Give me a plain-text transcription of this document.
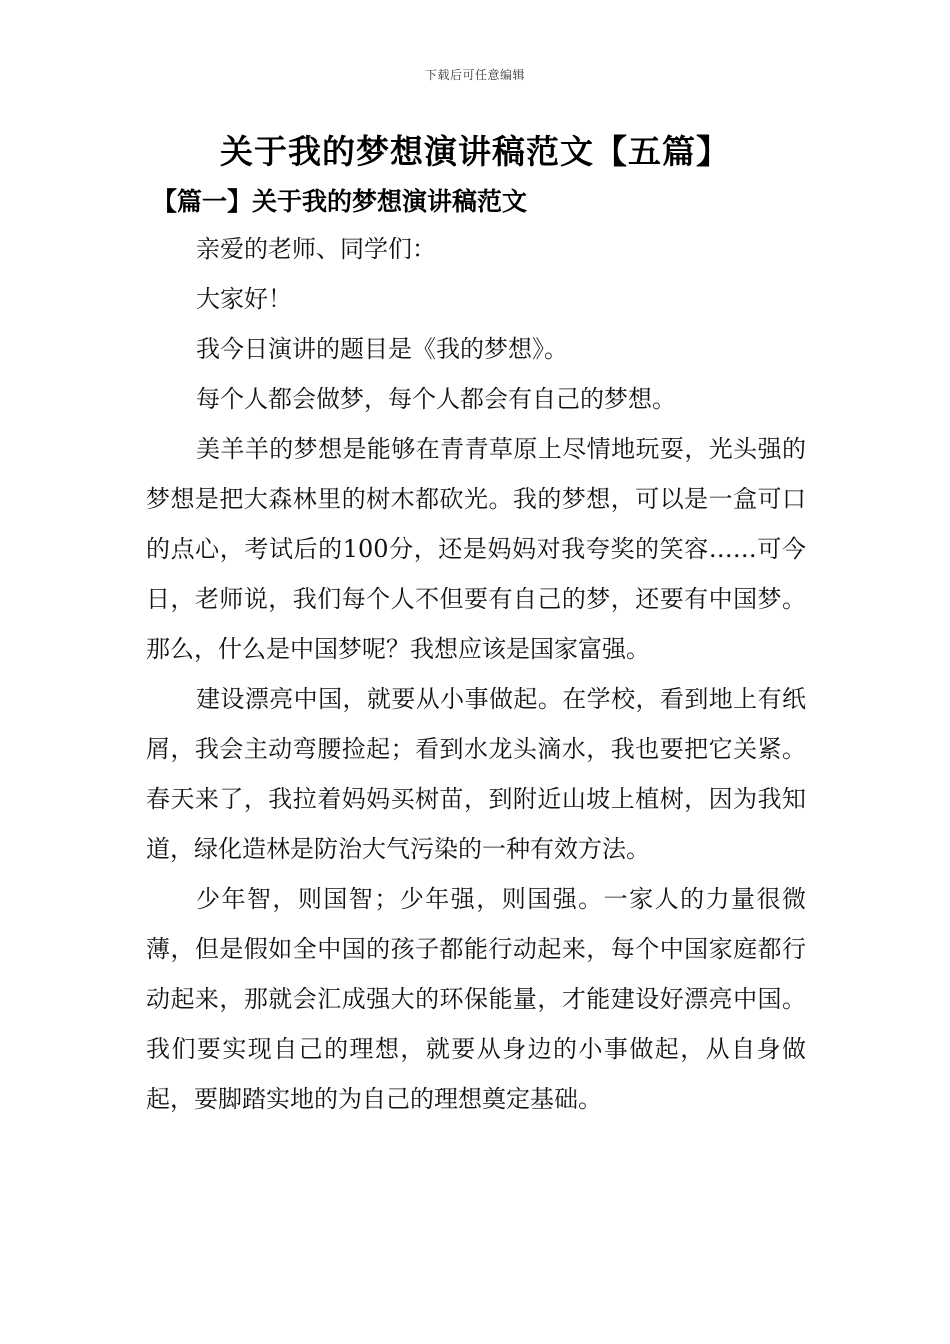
下载后可任意编辑
关于我的梦想演讲稿范文【五篇】
【篇一】关于我的梦想演讲稿范文

亲爱的老师、同学们：

大家好！

我今日演讲的题目是《我的梦想》。

每个人都会做梦，每个人都会有自己的梦想。

美羊羊的梦想是能够在青青草原上尽情地玩耍，光头强的梦想是把大森林里的树木都砍光。我的梦想，可以是一盒可口的点心，考试后的100分，还是妈妈对我夸奖的笑容……可今日，老师说，我们每个人不但要有自己的梦，还要有中国梦。那么，什么是中国梦呢？我想应该是国家富强。

建设漂亮中国，就要从小事做起。在学校，看到地上有纸屑，我会主动弯腰捡起；看到水龙头滴水，我也要把它关紧。春天来了，我拉着妈妈买树苗，到附近山坡上植树，因为我知道，绿化造林是防治大气污染的一种有效方法。

少年智，则国智；少年强，则国强。一家人的力量很微薄，但是假如全中国的孩子都能行动起来，每个中国家庭都行动起来，那就会汇成强大的环保能量，才能建设好漂亮中国。我们要实现自己的理想，就要从身边的小事做起，从自身做起，要脚踏实地的为自己的理想奠定基础。
